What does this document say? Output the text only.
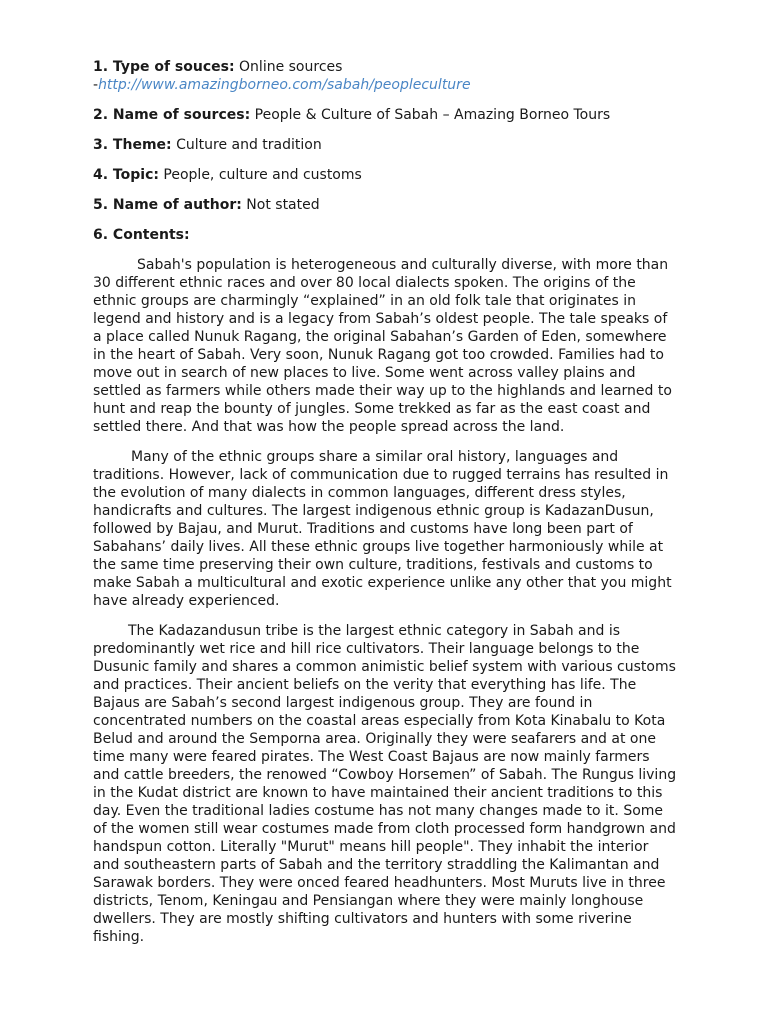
1. Type of souces: Online sources

-http://www.amazingborneo.com/sabah/peopleculture

2. Name of sources: People & Culture of Sabah – Amazing Borneo Tours

3. Theme: Culture and tradition

4. Topic: People, culture and customs

5. Name of author: Not stated

6. Contents:

Sabah's population is heterogeneous and culturally diverse, with more than 30 different ethnic races and over 80 local dialects spoken. The origins of the ethnic groups are charmingly “explained” in an old folk tale that originates in legend and history and is a legacy from Sabah’s oldest people. The tale speaks of a place called Nunuk Ragang, the original Sabahan’s Garden of Eden, somewhere in the heart of Sabah. Very soon, Nunuk Ragang got too crowded. Families had to move out in search of new places to live. Some went across valley plains and settled as farmers while others made their way up to the highlands and learned to hunt and reap the bounty of jungles. Some trekked as far as the east coast and settled there. And that was how the people spread across the land.

Many of the ethnic groups share a similar oral history, languages and traditions. However, lack of communication due to rugged terrains has resulted in the evolution of many dialects in common languages, different dress styles, handicrafts and cultures. The largest indigenous ethnic group is KadazanDusun, followed by Bajau, and Murut. Traditions and customs have long been part of Sabahans’ daily lives. All these ethnic groups live together harmoniously while at the same time preserving their own culture, traditions, festivals and customs to make Sabah a multicultural and exotic experience unlike any other that you might have already experienced.

The Kadazandusun tribe is the largest ethnic category in Sabah and is predominantly wet rice and hill rice cultivators. Their language belongs to the Dusunic family and shares a common animistic belief system with various customs and practices. Their ancient beliefs on the verity that everything has life. The Bajaus are Sabah’s second largest indigenous group. They are found in concentrated numbers on the coastal areas especially from Kota Kinabalu to Kota Belud and around the Semporna area. Originally they were seafarers and at one time many were feared pirates. The West Coast Bajaus are now mainly farmers and cattle breeders, the renowed “Cowboy Horsemen” of Sabah. The Rungus living in the Kudat district are known to have maintained their ancient traditions to this day. Even the traditional ladies costume has not many changes made to it. Some of the women still wear costumes made from cloth processed form handgrown and handspun cotton. Literally "Murut" means hill people". They inhabit the interior and southeastern parts of Sabah and the territory straddling the Kalimantan and Sarawak borders. They were onced feared headhunters. Most Muruts live in three districts, Tenom, Keningau and Pensiangan where they were mainly longhouse dwellers. They are mostly shifting cultivators and hunters with some riverine fishing.
